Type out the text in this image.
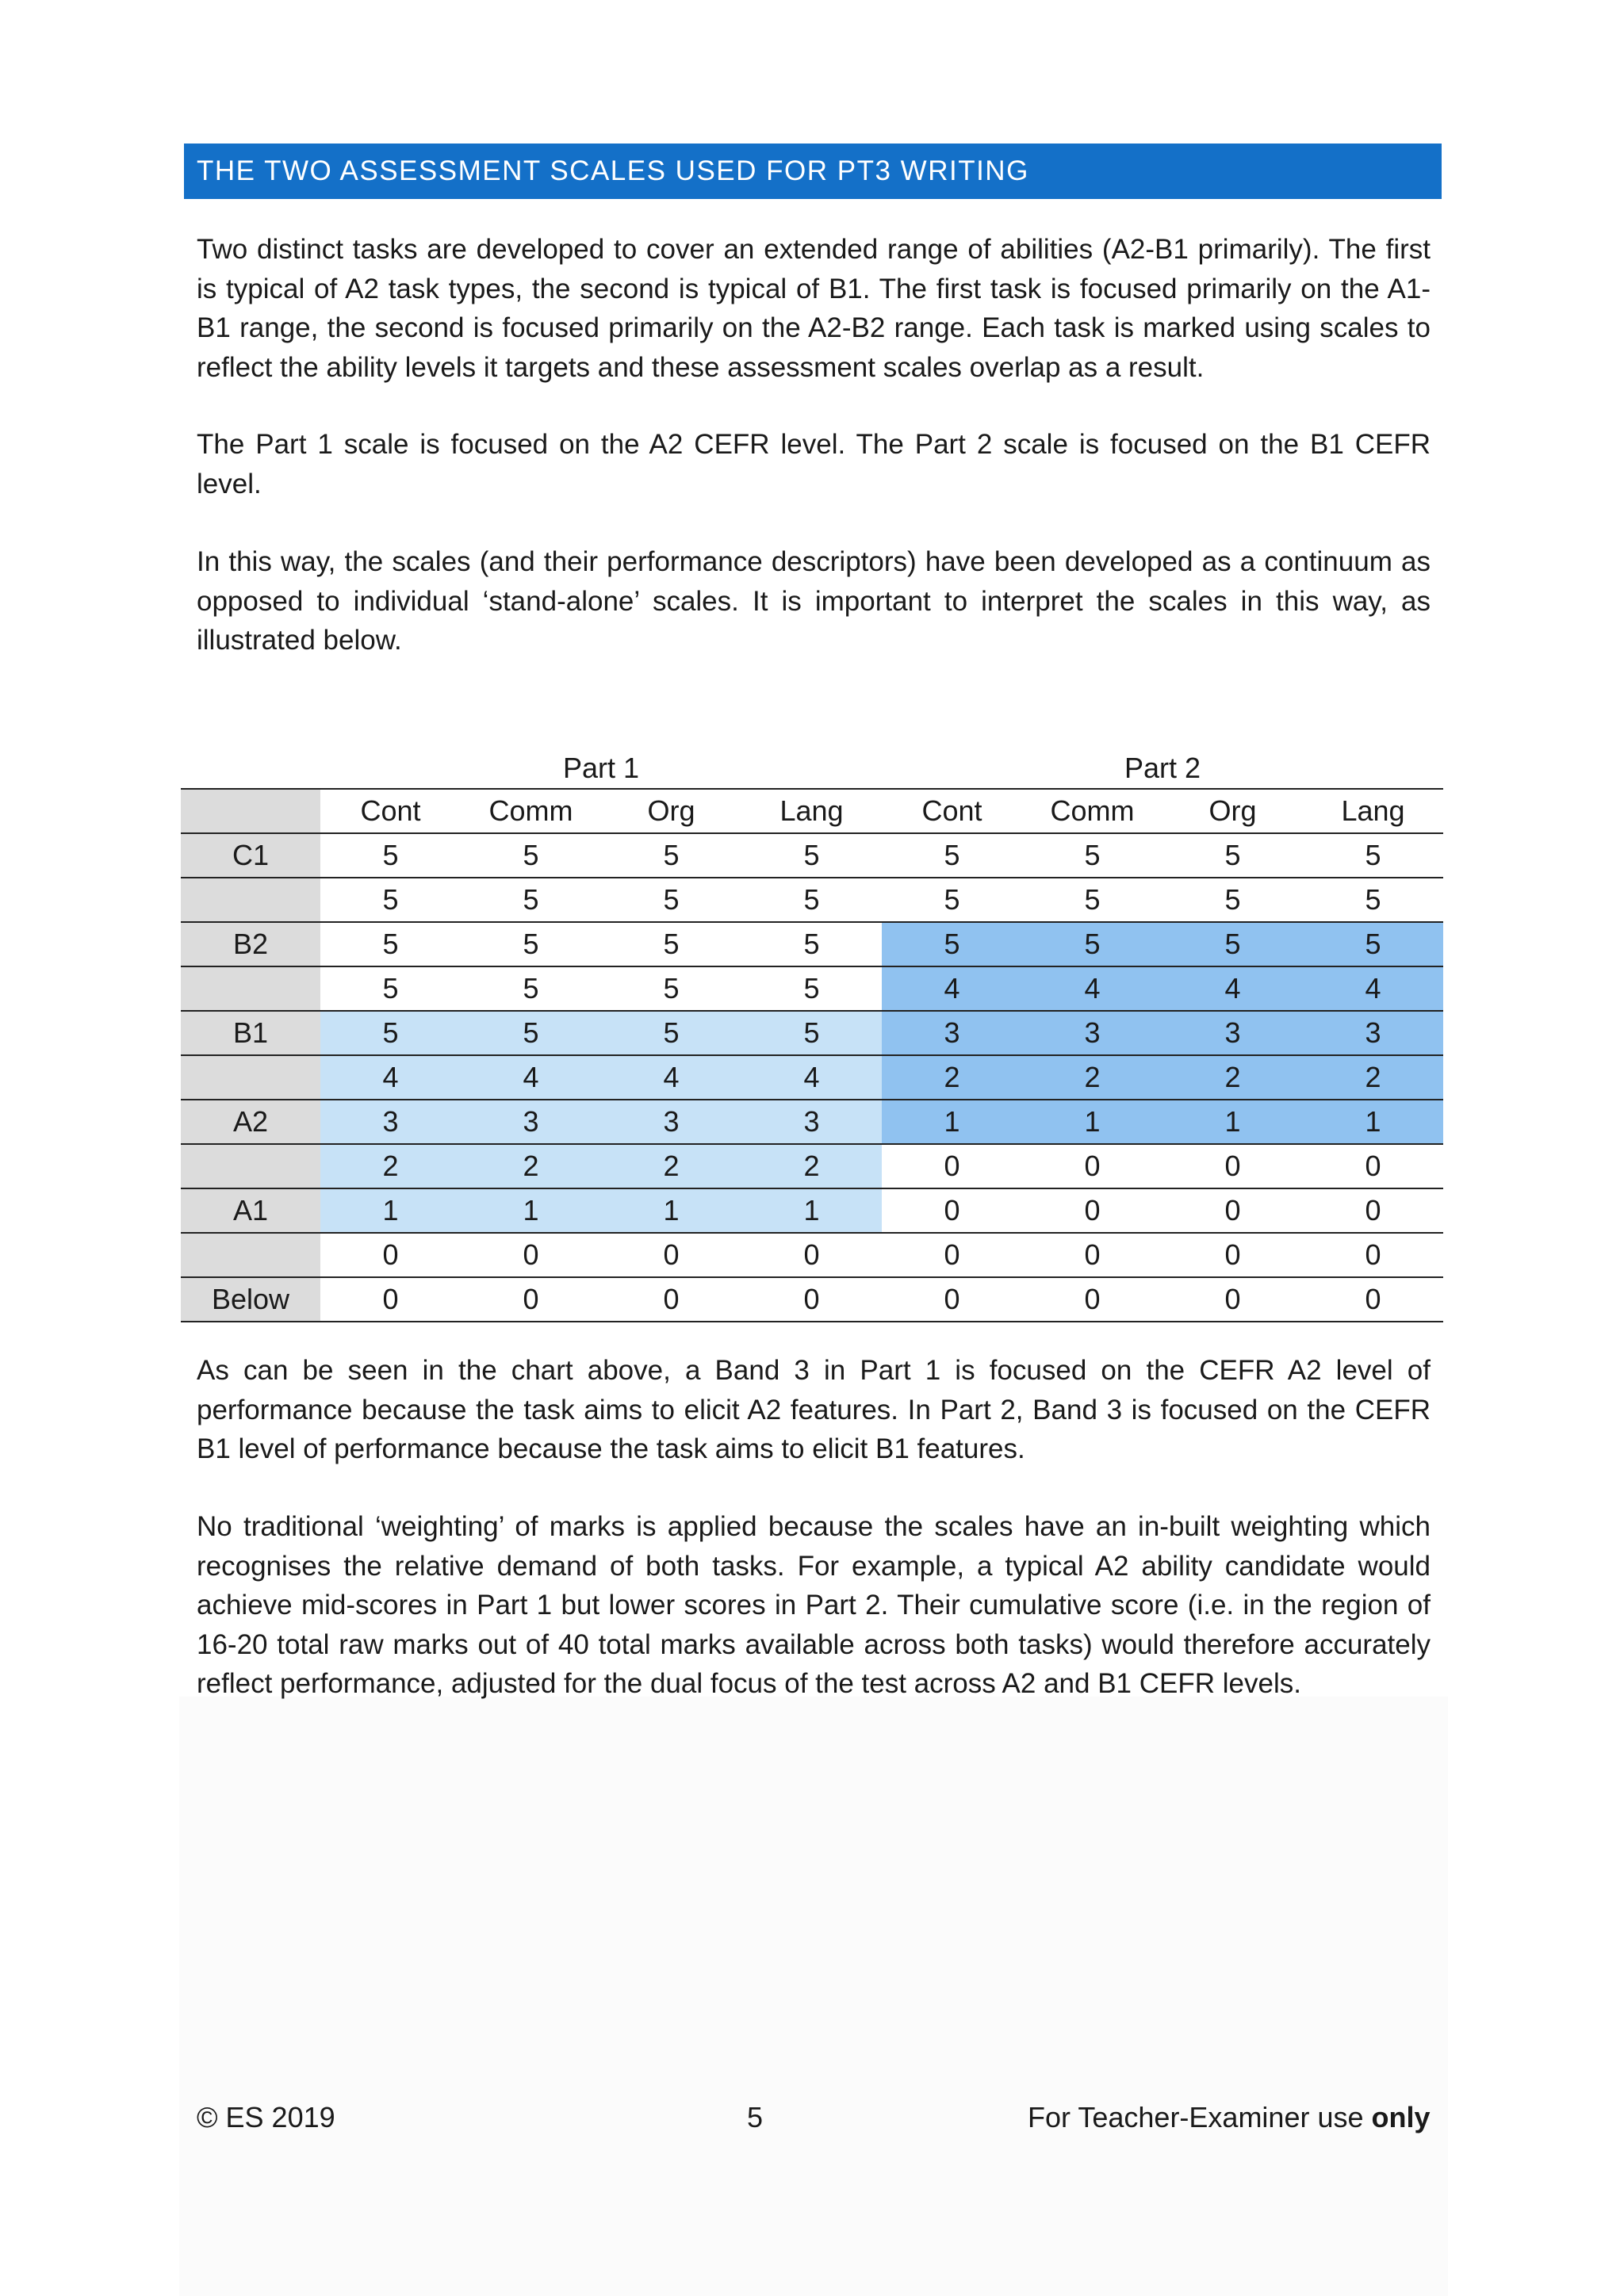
THE TWO ASSESSMENT SCALES USED FOR PT3 WRITING

Two distinct tasks are developed to cover an extended range of abilities (A2-B1 primarily). The first is typical of A2 task types, the second is typical of B1. The first task is focused primarily on the A1-B1 range, the second is focused primarily on the A2-B2 range. Each task is marked using scales to reflect the ability levels it targets and these assessment scales overlap as a result.

The Part 1 scale is focused on the A2 CEFR level. The Part 2 scale is focused on the B1 CEFR level.

In this way, the scales (and their performance descriptors) have been developed as a continuum as opposed to individual ‘stand-alone’ scales. It is important to interpret the scales in this way, as illustrated below.

Part 1	Part 2
	Cont	Comm	Org	Lang	Cont	Comm	Org	Lang
C1	5	5	5	5	5	5	5	5
	5	5	5	5	5	5	5	5
B2	5	5	5	5	5	5	5	5
	5	5	5	5	4	4	4	4
B1	5	5	5	5	3	3	3	3
	4	4	4	4	2	2	2	2
A2	3	3	3	3	1	1	1	1
	2	2	2	2	0	0	0	0
A1	1	1	1	1	0	0	0	0
	0	0	0	0	0	0	0	0
Below	0	0	0	0	0	0	0	0

As can be seen in the chart above, a Band 3 in Part 1 is focused on the CEFR A2 level of performance because the task aims to elicit A2 features. In Part 2, Band 3 is focused on the CEFR B1 level of performance because the task aims to elicit B1 features.

No traditional ‘weighting’ of marks is applied because the scales have an in-built weighting which recognises the relative demand of both tasks. For example, a typical A2 ability candidate would achieve mid-scores in Part 1 but lower scores in Part 2. Their cumulative score (i.e. in the region of 16-20 total raw marks out of 40 total marks available across both tasks) would therefore accurately reflect performance, adjusted for the dual focus of the test across A2 and B1 CEFR levels.

© ES 2019	5	For Teacher-Examiner use only
